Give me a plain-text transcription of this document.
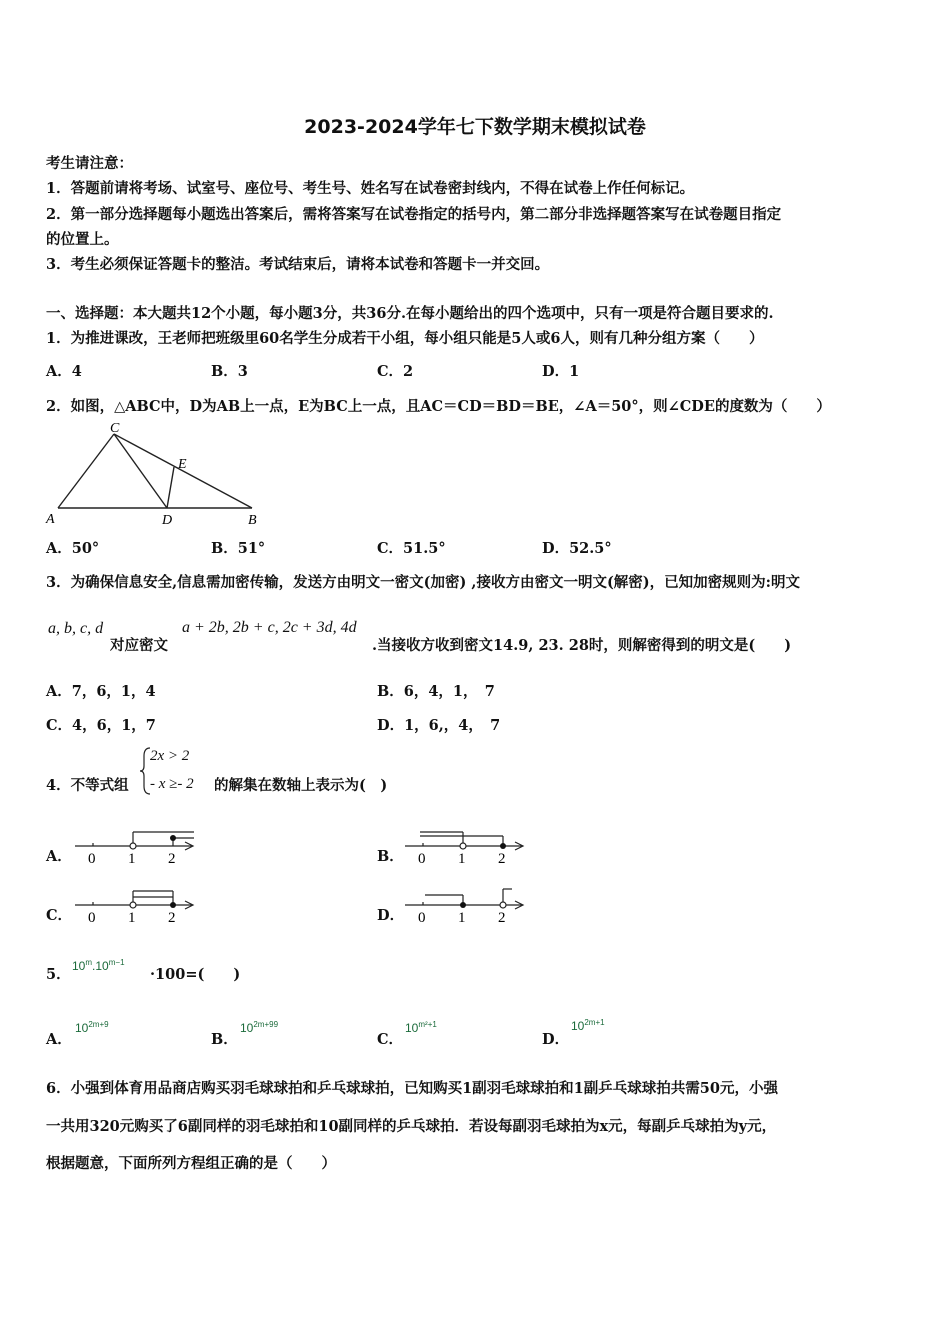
2023-2024学年七下数学期末模拟试卷
考生请注意：
1．答题前请将考场、试室号、座位号、考生号、姓名写在试卷密封线内，不得在试卷上作任何标记。
2．第一部分选择题每小题选出答案后，需将答案写在试卷指定的括号内，第二部分非选择题答案写在试卷题目指定
的位置上。
3．考生必须保证答题卡的整洁。考试结束后，请将本试卷和答题卡一并交回。
一、选择题：本大题共12个小题，每小题3分，共36分.在每小题给出的四个选项中，只有一项是符合题目要求的.
1．为推进课改，王老师把班级里60名学生分成若干小组，每小组只能是5人或6人，则有几种分组方案（　　）
A．4	B．3	C．2	D．1
2．如图，△ABC中，D为AB上一点，E为BC上一点，且AC＝CD＝BD＝BE，∠A＝50°，则∠CDE的度数为（　　）
C
E
A	D	B
A．50°	B．51°	C．51.5°	D．52.5°
3．为确保信息安全,信息需加密传输，发送方由明文一密文(加密) ,接收方由密文一明文(解密)，已知加密规则为:明文
a, b, c, d
对应密文
a + 2b, 2b + c, 2c + 3d, 4d
.当接收方收到密文14.9, 23. 28时，则解密得到的明文是(　　)
A．7，6，1，4	B．6，4，1，　7
C．4，6，1，7	D．1，6,，4，　7
4．不等式组
2x > 2
- x ≥- 2 的解集在数轴上表示为(　)
A．	B．
C．	D．
0 1 2	0 1 2
0 1 2	0 1 2
5． $10^m.10^{m-1}$
·100=(　　)
A．
$10^{2m+9}$
B．
$10^{2m+99}$
C．
$10^{m^2+1}$
D．
$10^{2m+1}$
6．小强到体育用品商店购买羽毛球球拍和乒乓球球拍，已知购买1副羽毛球球拍和1副乒乓球球拍共需50元，小强
一共用320元购买了6副同样的羽毛球拍和10副同样的乒乓球拍．若设每副羽毛球拍为x元，每副乒乓球拍为y元，
根据题意，下面所列方程组正确的是（　　）
